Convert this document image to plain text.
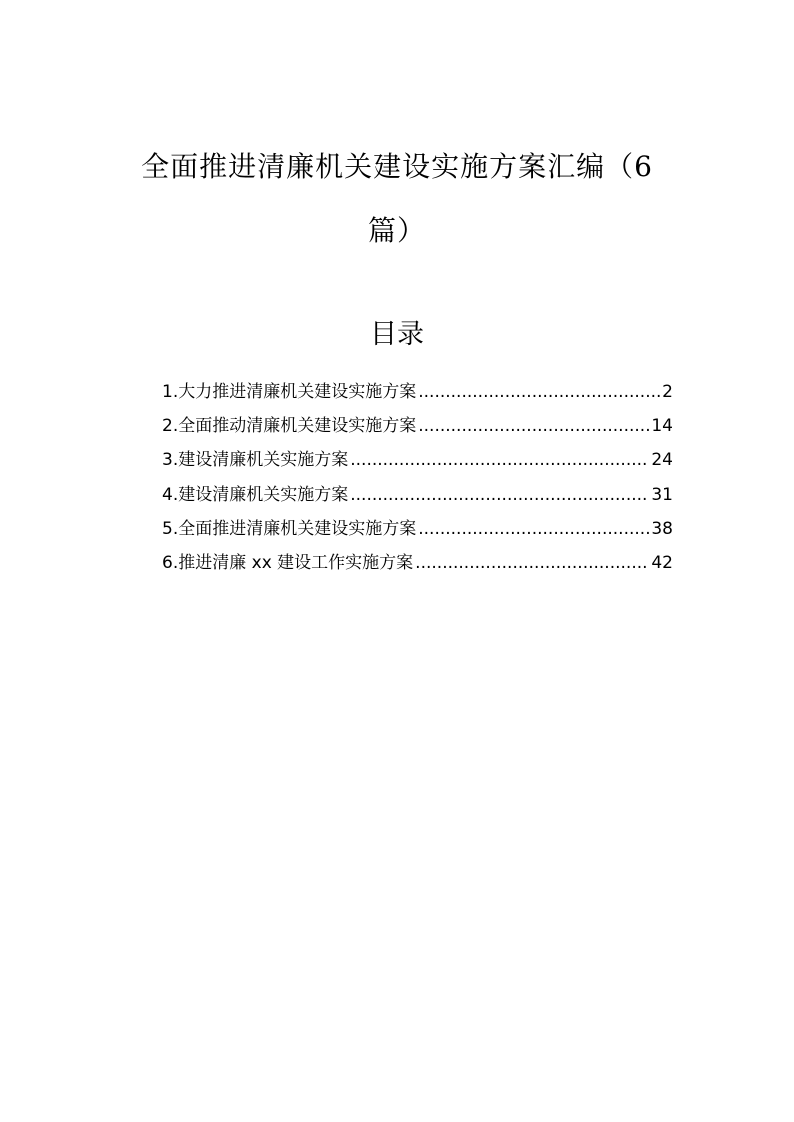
全面推进清廉机关建设实施方案汇编（6
篇）
目录
1. 大力推进清廉机关建设实施方案 .....	2
2. 全面推动清廉机关建设实施方案 .....	14
3. 建设清廉机关实施方案 .....	24
4. 建设清廉机关实施方案 .....	31
5. 全面推进清廉机关建设实施方案 .....	38
6. 推进清廉 xx 建设工作实施方案 .....	42
